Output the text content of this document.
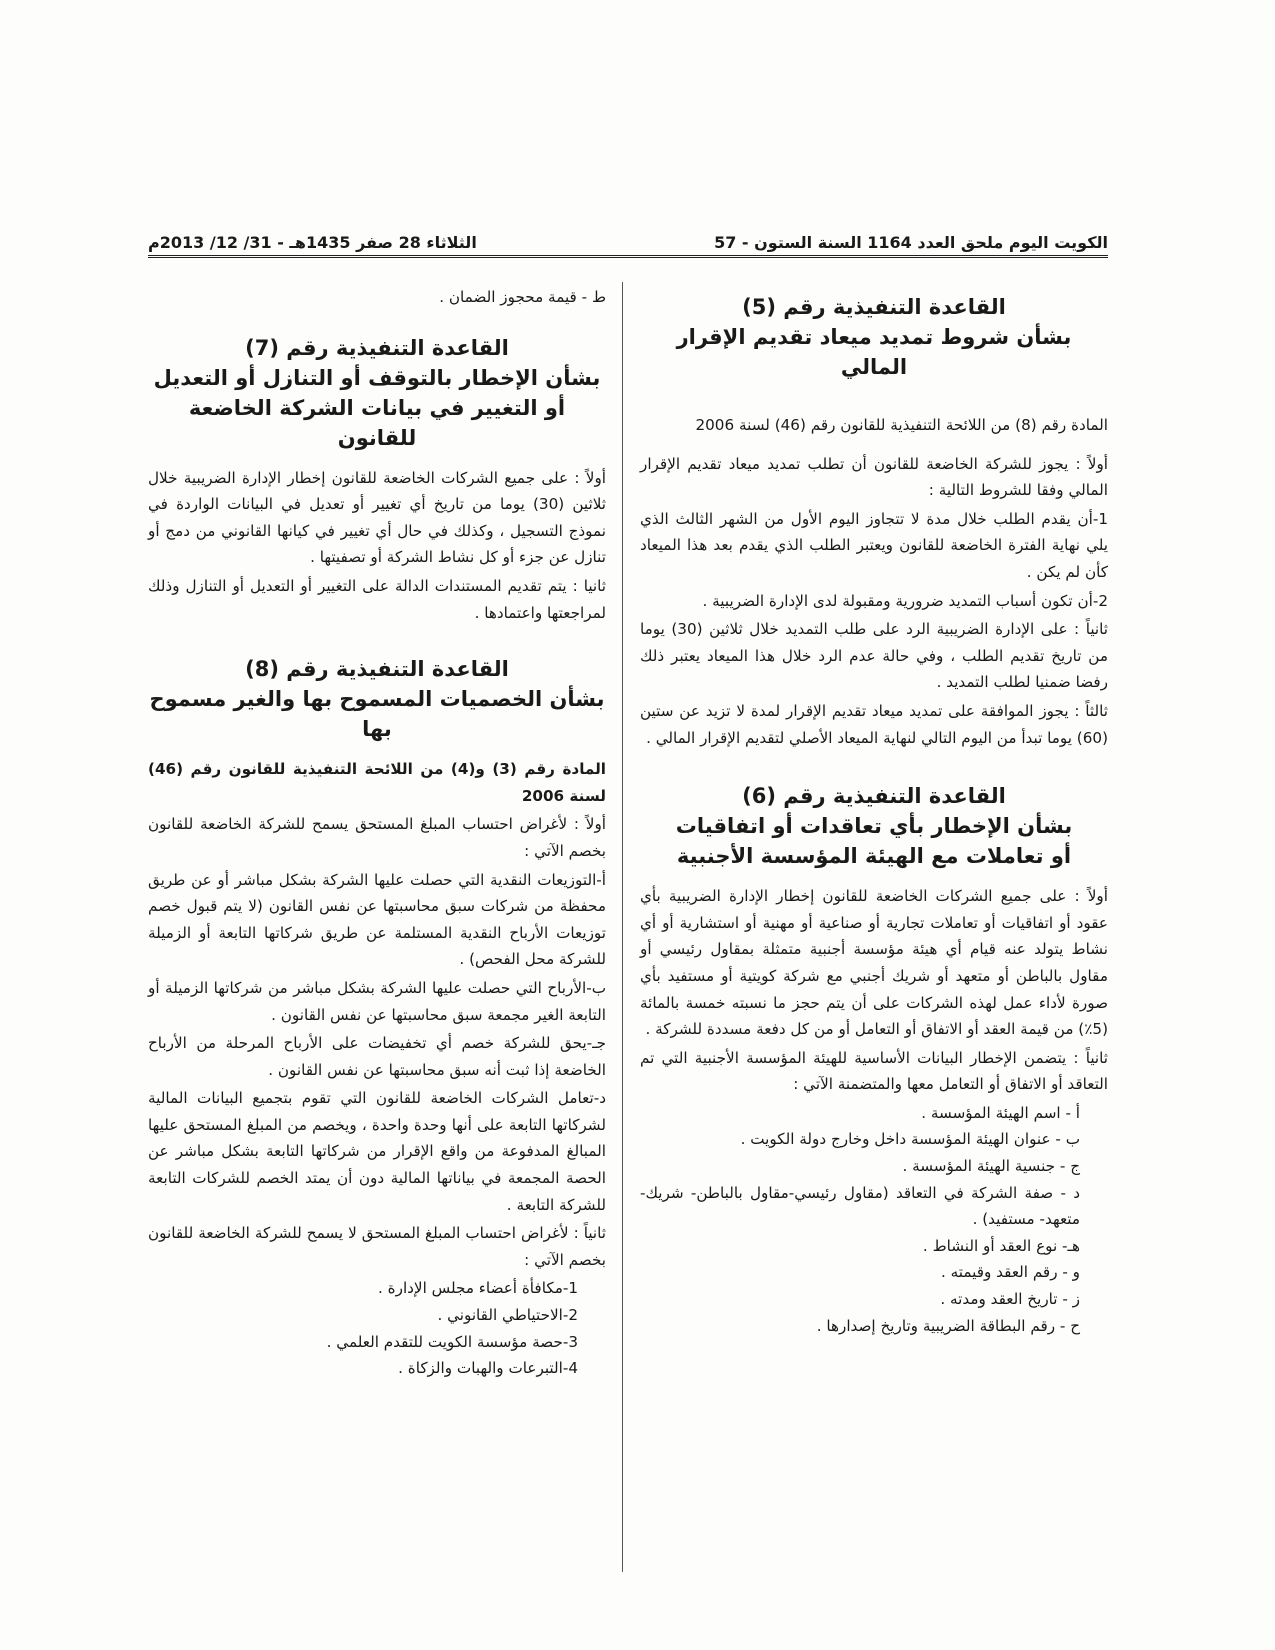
الكويت اليوم ملحق العدد 1164 السنة الستون - 57
الثلاثاء 28 صفر 1435هـ - 31/ 12/ 2013م
القاعدة التنفيذية رقم (5)
بشأن شروط تمديد ميعاد تقديم الإقرار المالي

المادة رقم (8) من اللائحة التنفيذية للقانون رقم (46) لسنة 2006

أولاً : يجوز للشركة الخاضعة للقانون أن تطلب تمديد ميعاد تقديم الإقرار المالي وفقا للشروط التالية :

1-أن يقدم الطلب خلال مدة لا تتجاوز اليوم الأول من الشهر الثالث الذي يلي نهاية الفترة الخاضعة للقانون ويعتبر الطلب الذي يقدم بعد هذا الميعاد كأن لم يكن .

2-أن تكون أسباب التمديد ضرورية ومقبولة لدى الإدارة الضريبية .

ثانياً : على الإدارة الضريبية الرد على طلب التمديد خلال ثلاثين (30) يوما من تاريخ تقديم الطلب ، وفي حالة عدم الرد خلال هذا الميعاد يعتبر ذلك رفضا ضمنيا لطلب التمديد .

ثالثاً : يجوز الموافقة على تمديد ميعاد تقديم الإقرار لمدة لا تزيد عن ستين (60) يوما تبدأ من اليوم التالي لنهاية الميعاد الأصلي لتقديم الإقرار المالي .

القاعدة التنفيذية رقم (6)
بشأن الإخطار بأي تعاقدات أو اتفاقيات
أو تعاملات مع الهيئة المؤسسة الأجنبية

أولاً : على جميع الشركات الخاضعة للقانون إخطار الإدارة الضريبية بأي عقود أو اتفاقيات أو تعاملات تجارية أو صناعية أو مهنية أو استشارية أو أي نشاط يتولد عنه قيام أي هيئة مؤسسة أجنبية متمثلة بمقاول رئيسي أو مقاول بالباطن أو متعهد أو شريك أجنبي مع شركة كويتية أو مستفيد بأي صورة لأداء عمل لهذه الشركات على أن يتم حجز ما نسبته خمسة بالمائة (5٪) من قيمة العقد أو الاتفاق أو التعامل أو من كل دفعة مسددة للشركة .

ثانياً : يتضمن الإخطار البيانات الأساسية للهيئة المؤسسة الأجنبية التي تم التعاقد أو الاتفاق أو التعامل معها والمتضمنة الآتي :

أ - اسم الهيئة المؤسسة .

ب - عنوان الهيئة المؤسسة داخل وخارج دولة الكويت .

ج - جنسية الهيئة المؤسسة .

د - صفة الشركة في التعاقد (مقاول رئيسي-مقاول بالباطن- شريك- متعهد- مستفيد) .

هـ- نوع العقد أو النشاط .

و - رقم العقد وقيمته .

ز - تاريخ العقد ومدته .

ح - رقم البطاقة الضريبية وتاريخ إصدارها .

ط - قيمة محجوز الضمان .

القاعدة التنفيذية رقم (7)
بشأن الإخطار بالتوقف أو التنازل أو التعديل
أو التغيير في بيانات الشركة الخاضعة للقانون

أولاً : على جميع الشركات الخاضعة للقانون إخطار الإدارة الضريبية خلال ثلاثين (30) يوما من تاريخ أي تغيير أو تعديل في البيانات الواردة في نموذج التسجيل ، وكذلك في حال أي تغيير في كيانها القانوني من دمج أو تنازل عن جزء أو كل نشاط الشركة أو تصفيتها .

ثانيا : يتم تقديم المستندات الدالة على التغيير أو التعديل أو التنازل وذلك لمراجعتها واعتمادها .

القاعدة التنفيذية رقم (8)
بشأن الخصميات المسموح بها والغير مسموح بها

المادة رقم (3) و(4) من اللائحة التنفيذية للقانون رقم (46) لسنة 2006

أولاً : لأغراض احتساب المبلغ المستحق يسمح للشركة الخاضعة للقانون بخصم الآتي :

أ-التوزيعات النقدية التي حصلت عليها الشركة بشكل مباشر أو عن طريق محفظة من شركات سبق محاسبتها عن نفس القانون (لا يتم قبول خصم توزيعات الأرباح النقدية المستلمة عن طريق شركاتها التابعة أو الزميلة للشركة محل الفحص) .

ب-الأرباح التي حصلت عليها الشركة بشكل مباشر من شركاتها الزميلة أو التابعة الغير مجمعة سبق محاسبتها عن نفس القانون .

جـ-يحق للشركة خصم أي تخفيضات على الأرباح المرحلة من الأرباح الخاضعة إذا ثبت أنه سبق محاسبتها عن نفس القانون .

د-تعامل الشركات الخاضعة للقانون التي تقوم بتجميع البيانات المالية لشركاتها التابعة على أنها وحدة واحدة ، ويخصم من المبلغ المستحق عليها المبالغ المدفوعة من واقع الإقرار من شركاتها التابعة بشكل مباشر عن الحصة المجمعة في بياناتها المالية دون أن يمتد الخصم للشركات التابعة للشركة التابعة .

ثانياً : لأغراض احتساب المبلغ المستحق لا يسمح للشركة الخاضعة للقانون بخصم الآتي :

1-مكافأة أعضاء مجلس الإدارة .

2-الاحتياطي القانوني .

3-حصة مؤسسة الكويت للتقدم العلمي .

4-التبرعات والهبات والزكاة .
